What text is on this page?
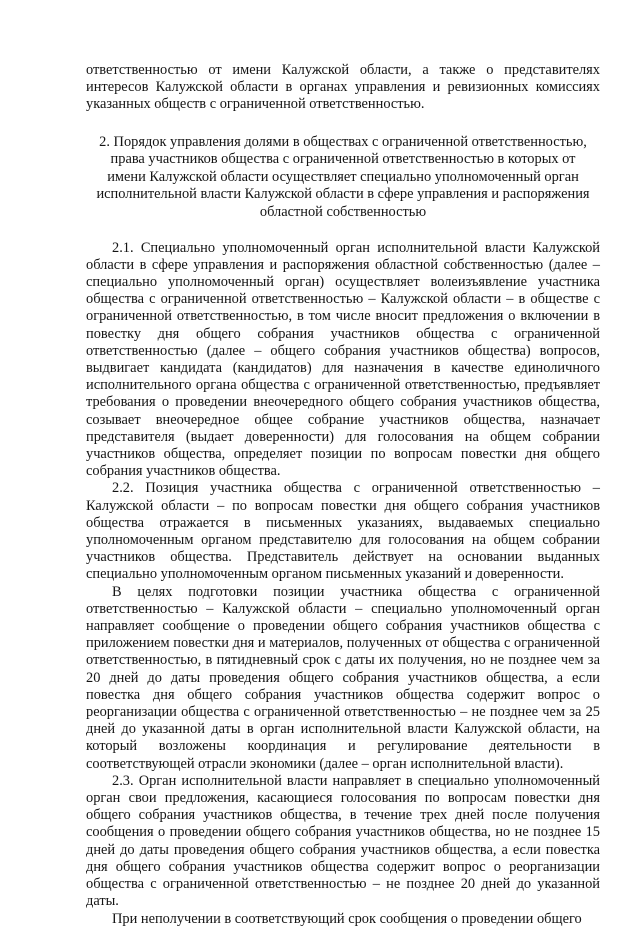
ответственностью от имени Калужской области, а также о представителях интересов Калужской области в органах управления и ревизионных комиссиях указанных обществ с ограниченной ответственностью.

2. Порядок управления долями в обществах с ограниченной ответственностью, права участников общества с ограниченной ответственностью в которых от имени Калужской области осуществляет специально уполномоченный орган исполнительной власти Калужской области в сфере управления и распоряжения областной собственностью

2.1. Специально уполномоченный орган исполнительной власти Калужской области в сфере управления и распоряжения областной собственностью (далее – специально уполномоченный орган) осуществляет волеизъявление участника общества с ограниченной ответственностью – Калужской области – в обществе с ограниченной ответственностью, в том числе вносит предложения о включении в повестку дня общего собрания участников общества с ограниченной ответственностью (далее – общего собрания участников общества) вопросов, выдвигает кандидата (кандидатов) для назначения в качестве единоличного исполнительного органа общества с ограниченной ответственностью, предъявляет требования о проведении внеочередного общего собрания участников общества, созывает внеочередное общее собрание участников общества, назначает представителя (выдает доверенности) для голосования на общем собрании участников общества, определяет позиции по вопросам повестки дня общего собрания участников общества.

2.2. Позиция участника общества с ограниченной ответственностью – Калужской области – по вопросам повестки дня общего собрания участников общества отражается в письменных указаниях, выдаваемых специально уполномоченным органом представителю для голосования на общем собрании участников общества. Представитель действует на основании выданных специально уполномоченным органом письменных указаний и доверенности.

В целях подготовки позиции участника общества с ограниченной ответственностью – Калужской области – специально уполномоченный орган направляет сообщение о проведении общего собрания участников общества с приложением повестки дня и материалов, полученных от общества с ограниченной ответственностью, в пятидневный срок с даты их получения, но не позднее чем за 20 дней до даты проведения общего собрания участников общества, а если повестка дня общего собрания участников общества содержит вопрос о реорганизации общества с ограниченной ответственностью – не позднее чем за 25 дней до указанной даты в орган исполнительной власти Калужской области, на который возложены координация и регулирование деятельности в соответствующей отрасли экономики (далее – орган исполнительной власти).

2.3. Орган исполнительной власти направляет в специально уполномоченный орган свои предложения, касающиеся голосования по вопросам повестки дня общего собрания участников общества, в течение трех дней после получения сообщения о проведении общего собрания участников общества, но не позднее 15 дней до даты проведения общего собрания участников общества, а если повестка дня общего собрания участников общества содержит вопрос о реорганизации общества с ограниченной ответственностью – не позднее 20 дней до указанной даты.

При неполучении в соответствующий срок сообщения о проведении общего
